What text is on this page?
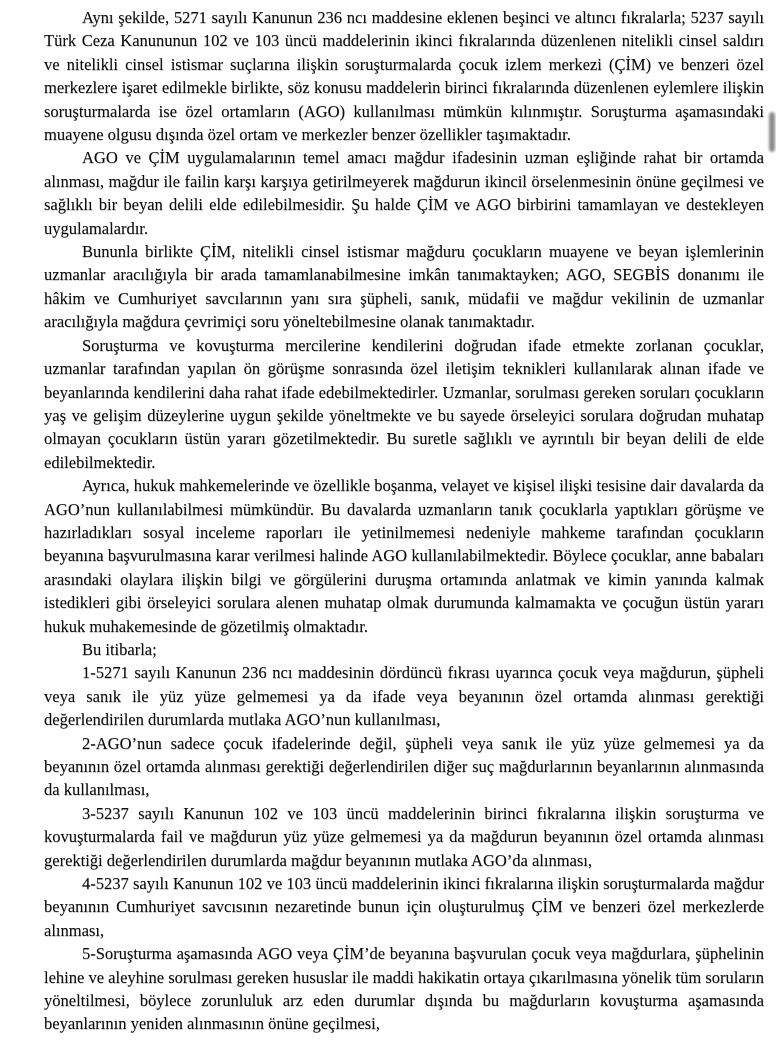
Aynı şekilde, 5271 sayılı Kanunun 236 ncı maddesine eklenen beşinci ve altıncı fıkralarla; 5237 sayılı Türk Ceza Kanununun 102 ve 103 üncü maddelerinin ikinci fıkralarında düzenlenen nitelikli cinsel saldırı ve nitelikli cinsel istismar suçlarına ilişkin soruşturmalarda çocuk izlem merkezi (ÇİM) ve benzeri özel merkezlere işaret edilmekle birlikte, söz konusu maddelerin birinci fıkralarında düzenlenen eylemlere ilişkin soruşturmalarda ise özel ortamların (AGO) kullanılması mümkün kılınmıştır. Soruşturma aşamasındaki muayene olgusu dışında özel ortam ve merkezler benzer özellikler taşımaktadır.

AGO ve ÇİM uygulamalarının temel amacı mağdur ifadesinin uzman eşliğinde rahat bir ortamda alınması, mağdur ile failin karşı karşıya getirilmeyerek mağdurun ikincil örselenmesinin önüne geçilmesi ve sağlıklı bir beyan delili elde edilebilmesidir. Şu halde ÇİM ve AGO birbirini tamamlayan ve destekleyen uygulamalardır.

Bununla birlikte ÇİM, nitelikli cinsel istismar mağduru çocukların muayene ve beyan işlemlerinin uzmanlar aracılığıyla bir arada tamamlanabilmesine imkân tanımaktayken; AGO, SEGBİS donanımı ile hâkim ve Cumhuriyet savcılarının yanı sıra şüpheli, sanık, müdafii ve mağdur vekilinin de uzmanlar aracılığıyla mağdura çevrimiçi soru yöneltebilmesine olanak tanımaktadır.

Soruşturma ve kovuşturma mercilerine kendilerini doğrudan ifade etmekte zorlanan çocuklar, uzmanlar tarafından yapılan ön görüşme sonrasında özel iletişim teknikleri kullanılarak alınan ifade ve beyanlarında kendilerini daha rahat ifade edebilmektedirler. Uzmanlar, sorulması gereken soruları çocukların yaş ve gelişim düzeylerine uygun şekilde yöneltmekte ve bu sayede örseleyici sorulara doğrudan muhatap olmayan çocukların üstün yararı gözetilmektedir. Bu suretle sağlıklı ve ayrıntılı bir beyan delili de elde edilebilmektedir.

Ayrıca, hukuk mahkemelerinde ve özellikle boşanma, velayet ve kişisel ilişki tesisine dair davalarda da AGO’nun kullanılabilmesi mümkündür. Bu davalarda uzmanların tanık çocuklarla yaptıkları görüşme ve hazırladıkları sosyal inceleme raporları ile yetinilmemesi nedeniyle mahkeme tarafından çocukların beyanına başvurulmasına karar verilmesi halinde AGO kullanılabilmektedir. Böylece çocuklar, anne babaları arasındaki olaylara ilişkin bilgi ve görgülerini duruşma ortamında anlatmak ve kimin yanında kalmak istedikleri gibi örseleyici sorulara alenen muhatap olmak durumunda kalmamakta ve çocuğun üstün yararı hukuk muhakemesinde de gözetilmiş olmaktadır.

Bu itibarla;

1-5271 sayılı Kanunun 236 ncı maddesinin dördüncü fıkrası uyarınca çocuk veya mağdurun, şüpheli veya sanık ile yüz yüze gelmemesi ya da ifade veya beyanının özel ortamda alınması gerektiği değerlendirilen durumlarda mutlaka AGO’nun kullanılması,

2-AGO’nun sadece çocuk ifadelerinde değil, şüpheli veya sanık ile yüz yüze gelmemesi ya da beyanının özel ortamda alınması gerektiği değerlendirilen diğer suç mağdurlarının beyanlarının alınmasında da kullanılması,

3-5237 sayılı Kanunun 102 ve 103 üncü maddelerinin birinci fıkralarına ilişkin soruşturma ve kovuşturmalarda fail ve mağdurun yüz yüze gelmemesi ya da mağdurun beyanının özel ortamda alınması gerektiği değerlendirilen durumlarda mağdur beyanının mutlaka AGO’da alınması,

4-5237 sayılı Kanunun 102 ve 103 üncü maddelerinin ikinci fıkralarına ilişkin soruşturmalarda mağdur beyanının Cumhuriyet savcısının nezaretinde bunun için oluşturulmuş ÇİM ve benzeri özel merkezlerde alınması,

5-Soruşturma aşamasında AGO veya ÇİM’de beyanına başvurulan çocuk veya mağdurlara, şüphelinin lehine ve aleyhine sorulması gereken hususlar ile maddi hakikatin ortaya çıkarılmasına yönelik tüm soruların yöneltilmesi, böylece zorunluluk arz eden durumlar dışında bu mağdurların kovuşturma aşamasında beyanlarının yeniden alınmasının önüne geçilmesi,
